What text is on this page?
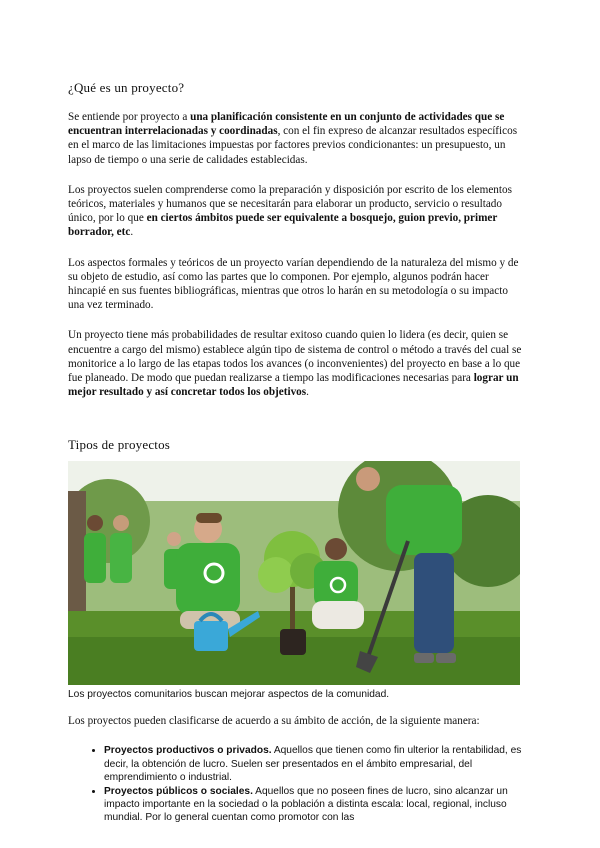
¿Qué es un proyecto?

Se entiende por proyecto a una planificación consistente en un conjunto de actividades que se encuentran interrelacionadas y coordinadas, con el fin expreso de alcanzar resultados específicos en el marco de las limitaciones impuestas por factores previos condicionantes: un presupuesto, un lapso de tiempo o una serie de calidades establecidas.

Los proyectos suelen comprenderse como la preparación y disposición por escrito de los elementos teóricos, materiales y humanos que se necesitarán para elaborar un producto, servicio o resultado único, por lo que en ciertos ámbitos puede ser equivalente a bosquejo, guion previo, primer borrador, etc.

Los aspectos formales y teóricos de un proyecto varían dependiendo de la naturaleza del mismo y de su objeto de estudio, así como las partes que lo componen. Por ejemplo, algunos podrán hacer hincapié en sus fuentes bibliográficas, mientras que otros lo harán en su metodología o su impacto una vez terminado.

Un proyecto tiene más probabilidades de resultar exitoso cuando quien lo lidera (es decir, quien se encuentre a cargo del mismo) establece algún tipo de sistema de control o método a través del cual se monitorice a lo largo de las etapas todos los avances (o inconvenientes) del proyecto en base a lo que fue planeado. De modo que puedan realizarse a tiempo las modificaciones necesarias para lograr un mejor resultado y así concretar todos los objetivos.

Tipos de proyectos
Los proyectos comunitarios buscan mejorar aspectos de la comunidad.

Los proyectos pueden clasificarse de acuerdo a su ámbito de acción, de la siguiente manera:

• Proyectos productivos o privados. Aquellos que tienen como fin ulterior la rentabilidad, es decir, la obtención de lucro. Suelen ser presentados en el ámbito empresarial, del emprendimiento o industrial.
• Proyectos públicos o sociales. Aquellos que no poseen fines de lucro, sino alcanzar un impacto importante en la sociedad o la población a distinta escala: local, regional, incluso mundial. Por lo general cuentan como promotor con las
